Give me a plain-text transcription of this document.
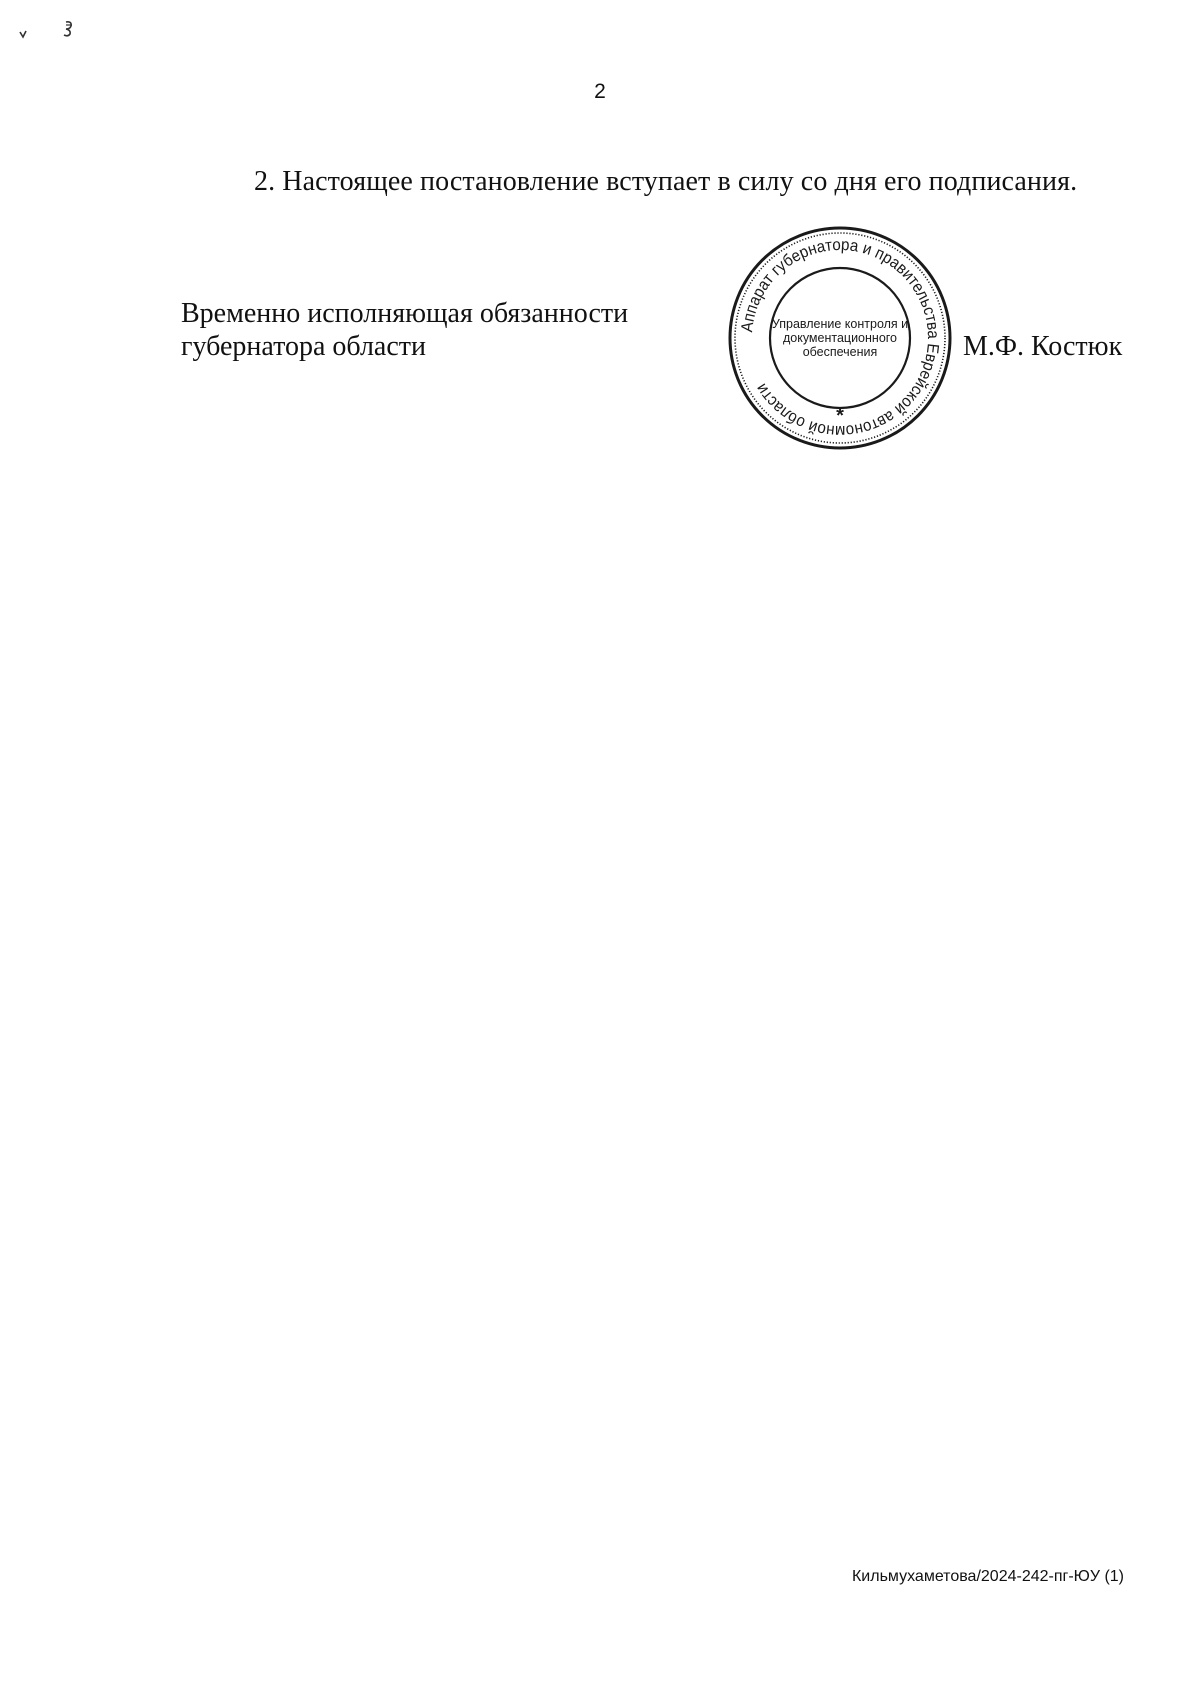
2
2. Настоящее постановление вступает в силу со дня его подписания.
Временно исполняющая обязанности
губернатора области
Аппарат губернатора и правительства Еврейской автономной области
*
Управление контроля и
документационного
обеспечения	М.Ф. Костюк
Кильмухаметова/2024-242-пг-ЮУ (1)
